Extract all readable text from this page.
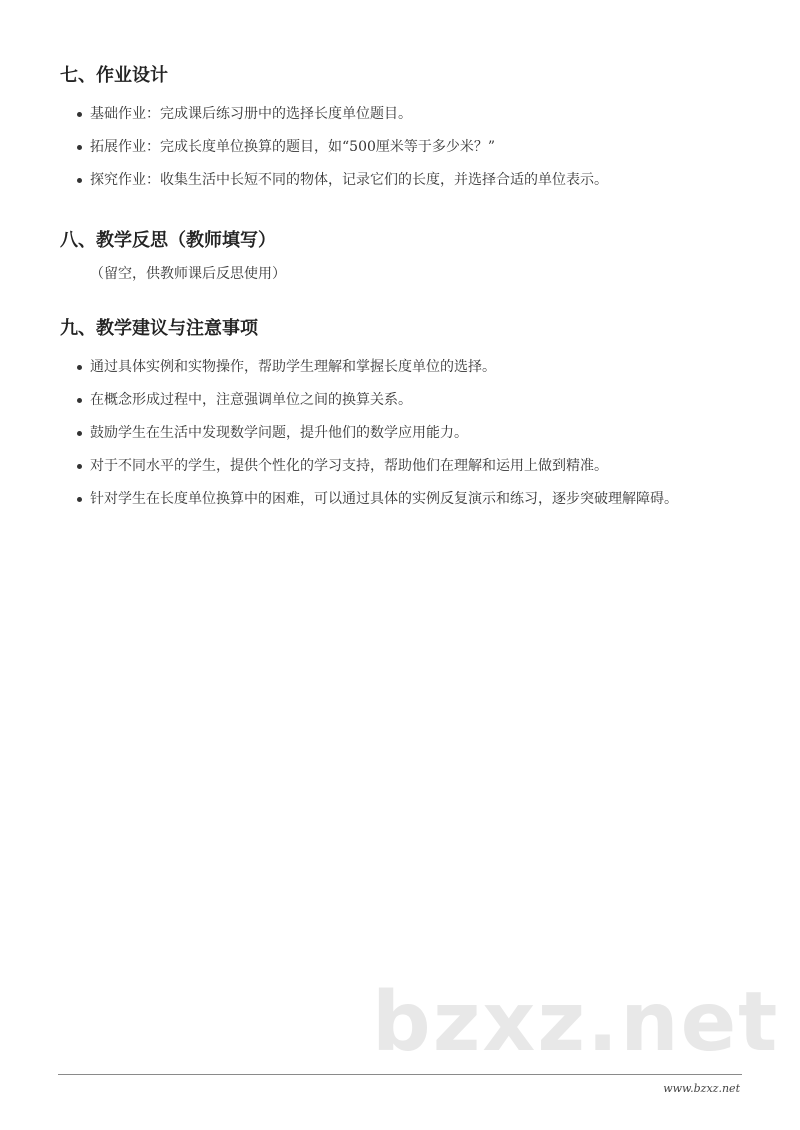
七、作业设计
基础作业：完成课后练习册中的选择长度单位题目。
拓展作业：完成长度单位换算的题目，如“500厘米等于多少米？”
探究作业：收集生活中长短不同的物体，记录它们的长度，并选择合适的单位表示。
八、教学反思（教师填写）
（留空，供教师课后反思使用）
九、教学建议与注意事项
通过具体实例和实物操作，帮助学生理解和掌握长度单位的选择。
在概念形成过程中，注意强调单位之间的换算关系。
鼓励学生在生活中发现数学问题，提升他们的数学应用能力。
对于不同水平的学生，提供个性化的学习支持，帮助他们在理解和运用上做到精准。
针对学生在长度单位换算中的困难，可以通过具体的实例反复演示和练习，逐步突破理解障碍。
bzxz.net
www.bzxz.net
